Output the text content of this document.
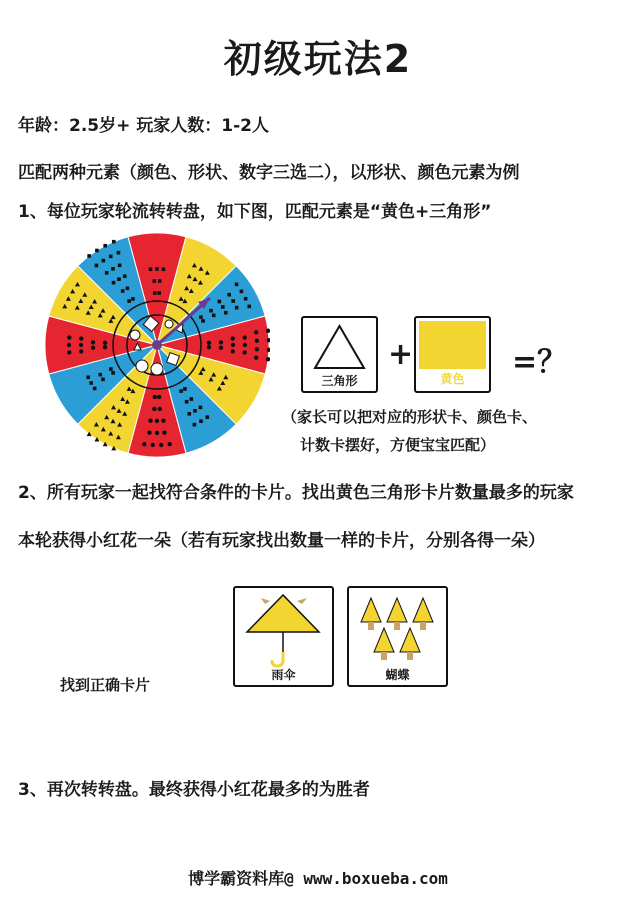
初级玩法2
年龄：2.5岁+ 玩家人数：1-2人
匹配两种元素（颜色、形状、数字三选二），以形状、颜色元素为例
1、每位玩家轮流转转盘，如下图，匹配元素是“黄色+三角形”
三角形
+
黄色	=？
（家长可以把对应的形状卡、颜色卡、
计数卡摆好，方便宝宝匹配）
2、所有玩家一起找符合条件的卡片。找出黄色三角形卡片数量最多的玩家
本轮获得小红花一朵（若有玩家找出数量一样的卡片，分别各得一朵）
找到正确卡片
雨伞	蝴蝶
3、再次转转盘。最终获得小红花最多的为胜者
博学霸资料库@ www.boxueba.com
